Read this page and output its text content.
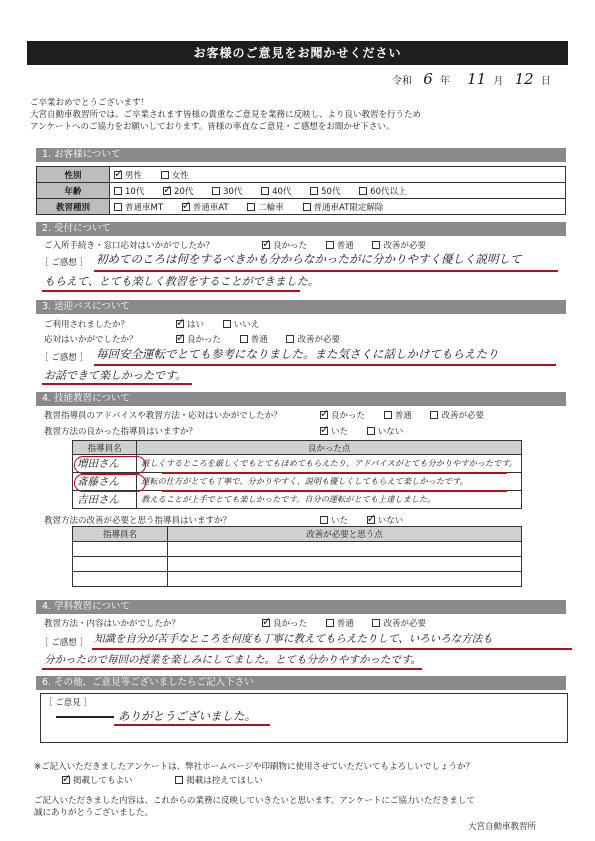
お客様のご意見をお聞かせください
令和 6 年 11 月 12 日
ご卒業おめでとうございます！
大宮自動車教習所では、ご卒業されます皆様の貴重なご意見を業務に反映し、より良い教習を行うため
アンケートへのご協力をお願いしております。皆様の率直なご意見・ご感想をお聞かせ下さい。
1. お客様について
性別	✓男性 女性
年齢	10代 ✓ 20代 30代 40代 50代 60代以上
教習種別	普通車MT ✓ 普通車AT 二輪車 普通車AT限定解除
2. 受付について
ご入所手続き・窓口応対はいかがでしたか？ ✓	良かった	普通	改善が必要
［ ご感想 ］ 初めてのころは何をするべきかも分からなかったがに分かりやすく優しく説明して
もらえて、とても楽しく教習をすることができました。
3. 送迎バスについて
ご利用されましたか？ ✓	はい	いいえ
応対はいかがでしたか？ ✓	良かった	普通	改善が必要
［ ご感想 ］ 毎回安全運転でとても参考になりました。また気さくに話しかけてもらえたり
お話できて楽しかったです。
4. 技能教習について
教習指導員のアドバイスや教習方法・応対はいかがでしたか？ ✓	良かった	普通	改善が必要
教習方法の良かった指導員はいますか？ ✓	いた	いない
指導員名	良かった点
増田さん	厳しくするところを厳しくでもとてもほめてもらえたり、アドバイスがとても分かりやすかったです。
斎藤さん	運転の仕方がとても丁寧で、分かりやすく、説明も優しくしてもらえて楽しかったです。
吉田さん	教えることが上手でとても楽しかったです。自分の運転がとても上達しました。
教習方法の改善が必要と思う指導員はいますか？	いた ✓	いない
指導員名	改善が必要と思う点

4. 学科教習について
教習方法・内容はいかがでしたか？ ✓	良かった	普通	改善が必要
［ ご感想 ］ 知識を自分が苦手なところを何度も丁寧に教えてもらえたりして、いろいろな方法も
分かったので毎回の授業を楽しみにしてました。とても分かりやすかったです。
6. その他、ご意見等ございましたらご記入下さい
［ ご意見 ］
ありがとうございました。
※ご記入いただきましたアンケートは、弊社ホームページや印刷物に使用させていただいてもよろしいでしょうか？
✓掲載してもよい	掲載は控えてほしい
ご記入いただきました内容は、これからの業務に反映していきたいと思います。アンケートにご協力いただきまして
誠にありがとうございました。
大宮自動車教習所
